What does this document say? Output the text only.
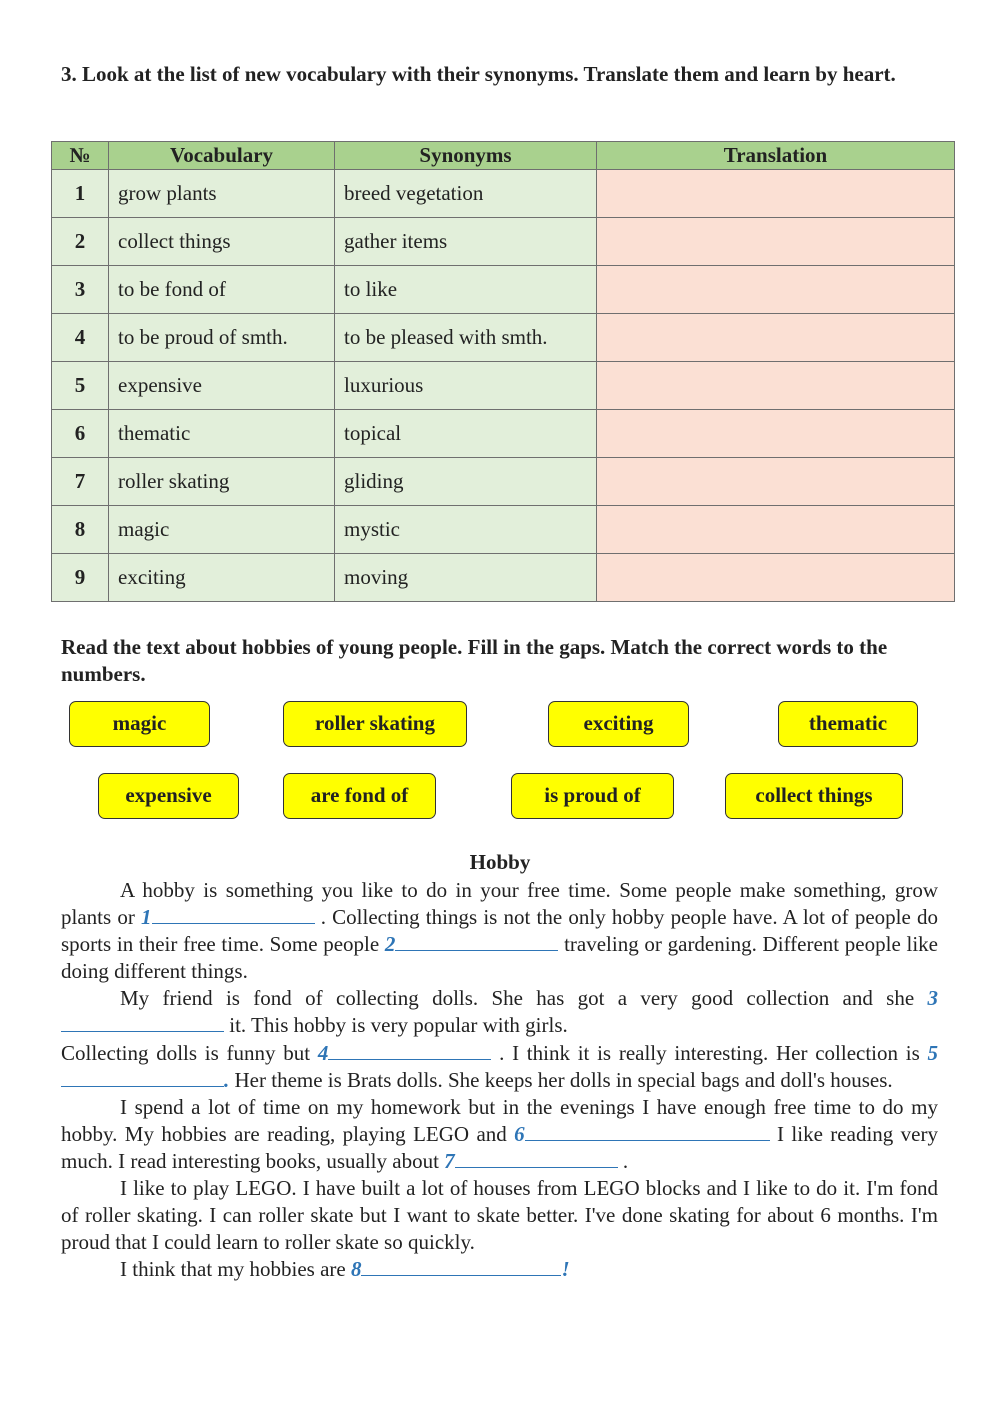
3. Look at the list of new vocabulary with their synonyms. Translate them and learn by heart.
№	Vocabulary	Synonyms	Translation
1	grow plants	breed vegetation	
2	collect things	gather items	
3	to be fond of	to like	
4	to be proud of smth.	to be pleased with smth.	
5	expensive	luxurious	
6	thematic	topical	
7	roller skating	gliding	
8	magic	mystic	
9	exciting	moving	
Read the text about hobbies of young people. Fill in the gaps. Match the correct words to the numbers.
magic	roller skating	exciting	thematic
expensive	are fond of	is proud of	collect things
Hobby

A hobby is something you like to do in your free time. Some people make something, grow plants or 1	. Collecting things is not the only hobby people have. A lot of people do sports in their free time. Some people 2	traveling or gardening. Different people like doing different things.

My friend is fond of collecting dolls. She has got a very good collection and she 3 it. This hobby is very popular with girls.

Collecting dolls is funny but 4	. I think it is really interesting. Her collection is 5. Her theme is Brats dolls. She keeps her dolls in special bags and doll's houses.

I spend a lot of time on my homework but in the evenings I have enough free time to do my hobby. My hobbies are reading, playing LEGO and 6	I like reading very much. I read interesting books, usually about 7	.

I like to play LEGO. I have built a lot of houses from LEGO blocks and I like to do it. I'm fond of roller skating. I can roller skate but I want to skate better. I've done skating for about 6 months. I'm proud that I could learn to roller skate so quickly.

I think that my hobbies are 8	!
